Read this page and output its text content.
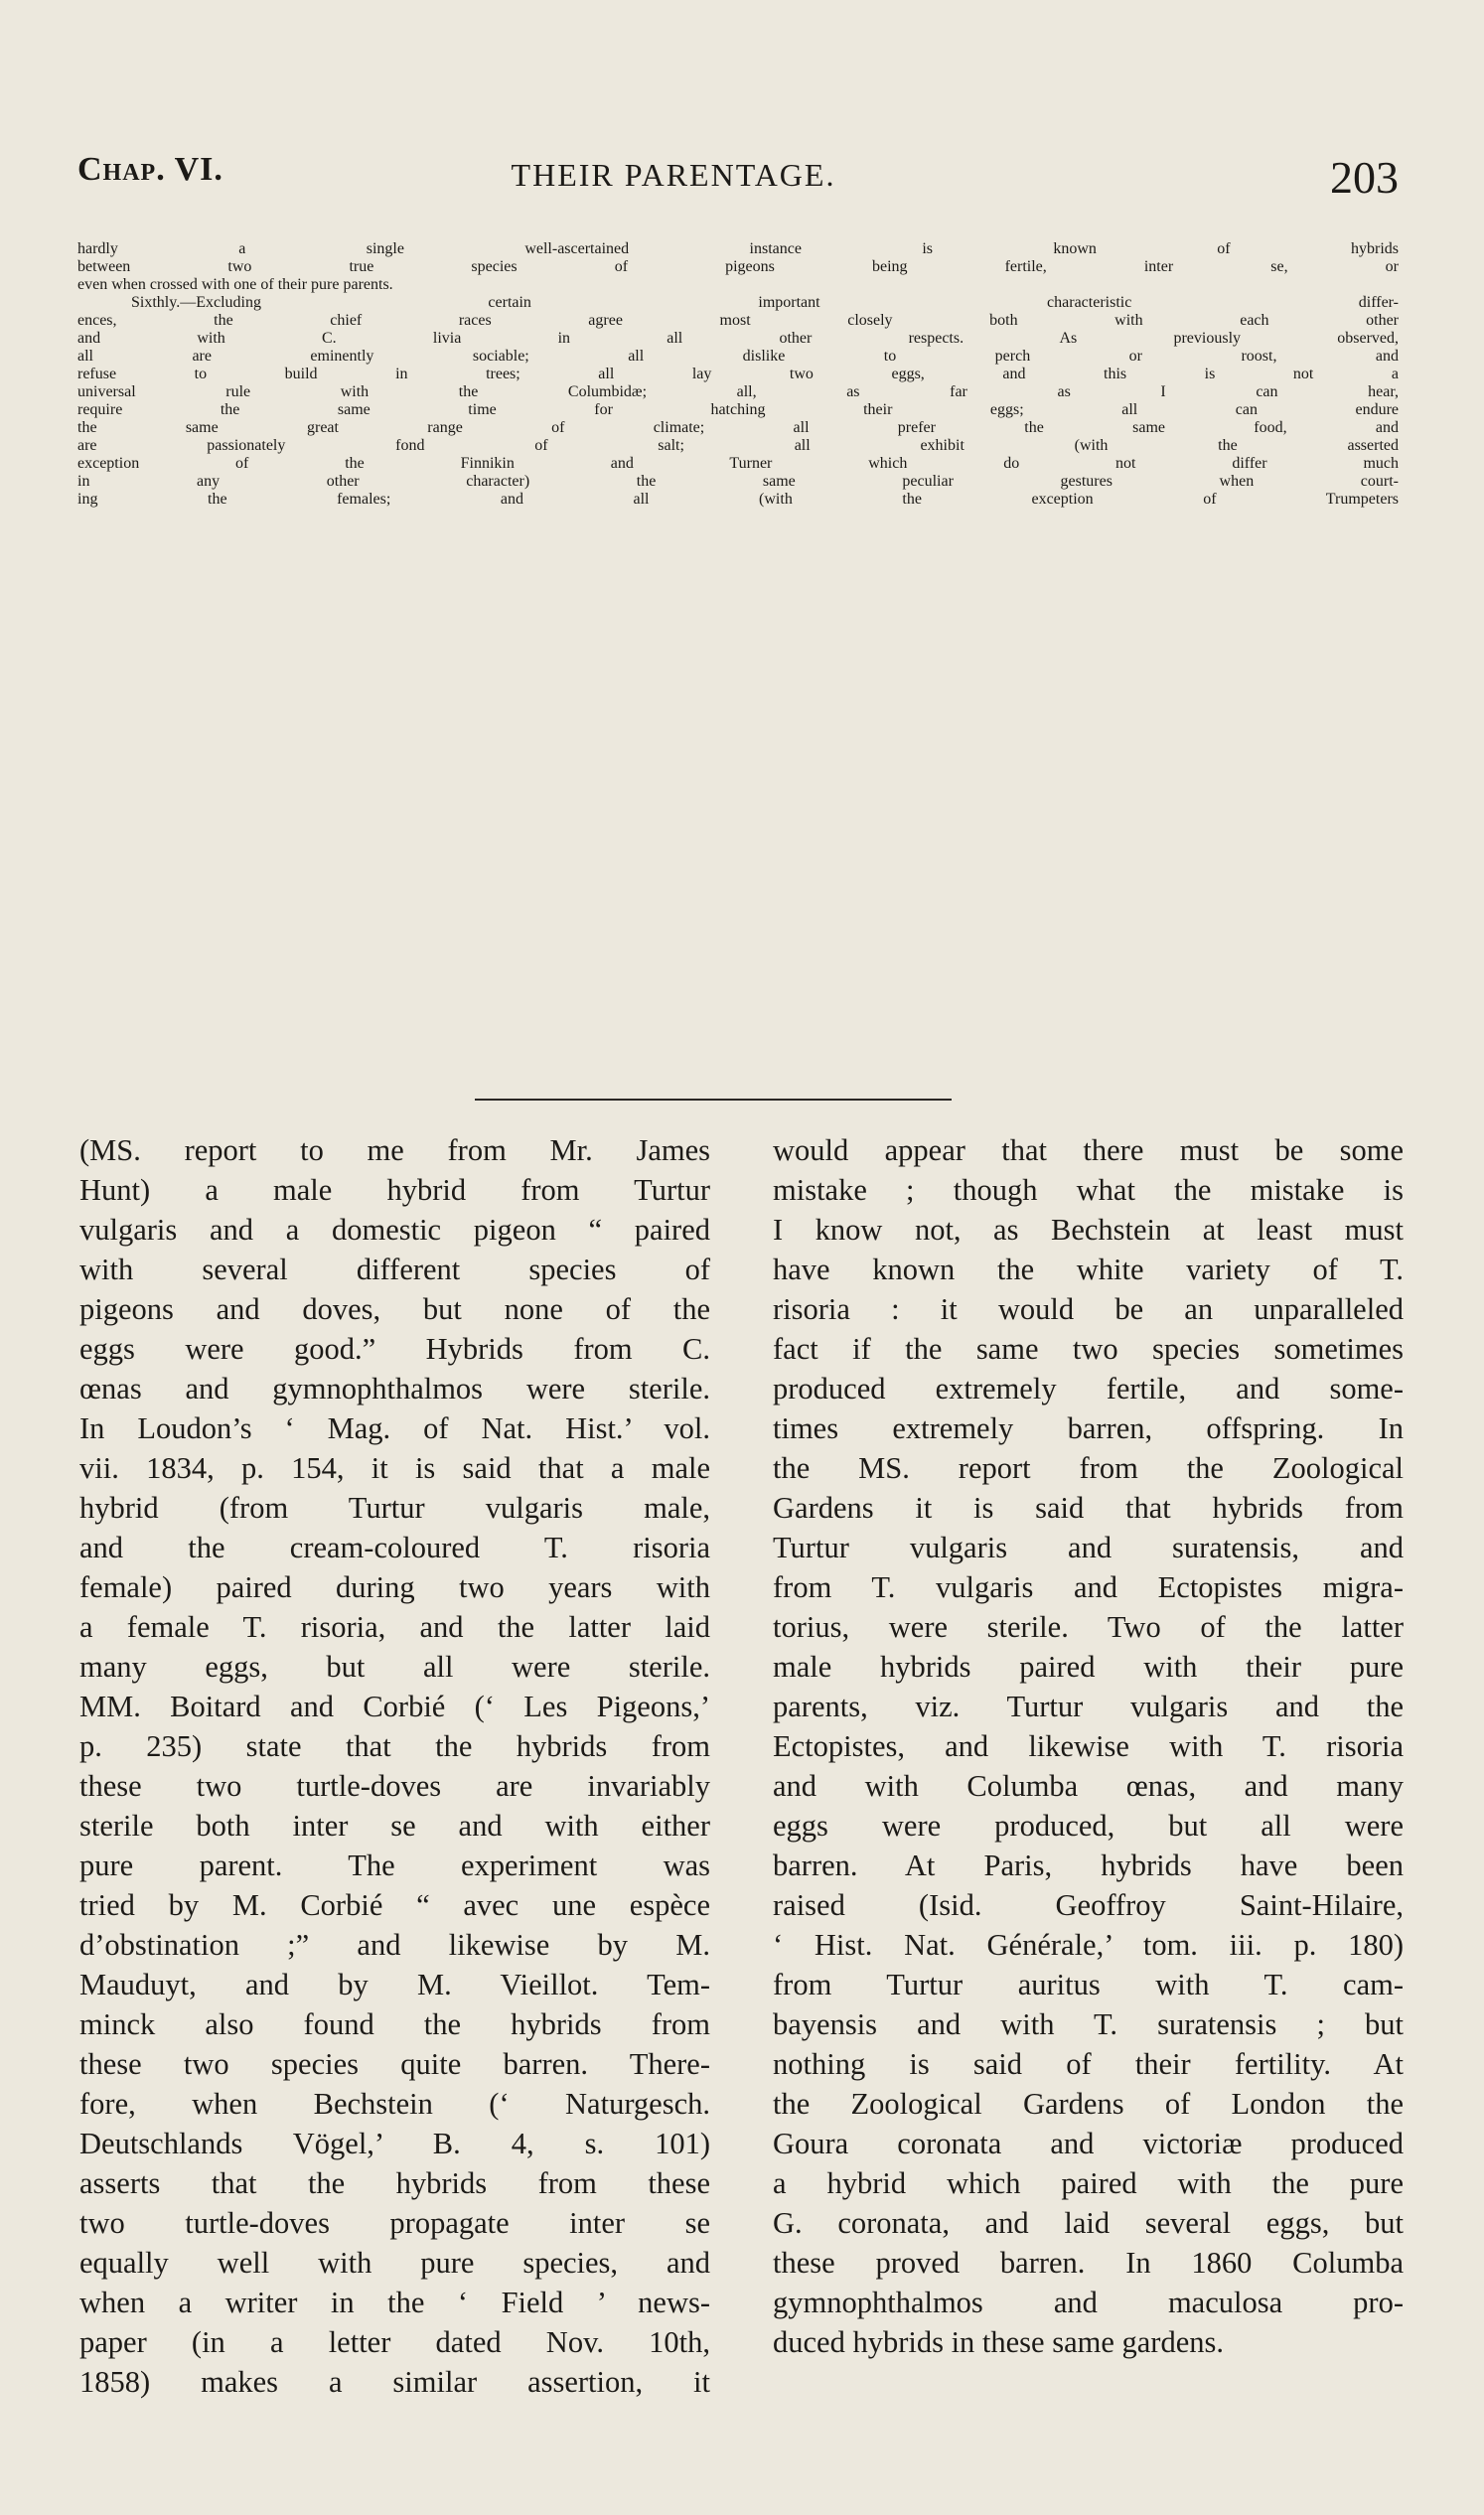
Chap. VI.	THEIR PARENTAGE.	203
hardly a single well-ascertained instance is known of hybrids
between two true species of pigeons being fertile, inter se, or
even when crossed with one of their pure parents.
Sixthly.—Excluding certain important characteristic differ-
ences, the chief races agree most closely both with each other
and with C. livia in all other respects. As previously observed,
all are eminently sociable; all dislike to perch or roost, and
refuse to build in trees; all lay two eggs, and this is not a
universal rule with the Columbidæ; all, as far as I can hear,
require the same time for hatching their eggs; all can endure
the same great range of climate; all prefer the same food, and
are passionately fond of salt; all exhibit (with the asserted
exception of the Finnikin and Turner which do not differ much
in any other character) the same peculiar gestures when court-
ing the females; and all (with the exception of Trumpeters
(MS. report to me from Mr. James
Hunt) a male hybrid from Turtur
vulgaris and a domestic pigeon “ paired
with several different species of
pigeons and doves, but none of the
eggs were good.” Hybrids from C.
œnas and gymnophthalmos were sterile.
In Loudon’s ‘ Mag. of Nat. Hist.’ vol.
vii. 1834, p. 154, it is said that a male
hybrid (from Turtur vulgaris male,
and the cream-coloured T. risoria
female) paired during two years with
a female T. risoria, and the latter laid
many eggs, but all were sterile.
MM. Boitard and Corbié (‘ Les Pigeons,’
p. 235) state that the hybrids from
these two turtle-doves are invariably
sterile both inter se and with either
pure parent. The experiment was
tried by M. Corbié “ avec une espèce
d’obstination ;” and likewise by M.
Mauduyt, and by M. Vieillot. Tem-
minck also found the hybrids from
these two species quite barren. There-
fore, when Bechstein (‘ Naturgesch.
Deutschlands Vögel,’ B. 4, s. 101)
asserts that the hybrids from these
two turtle-doves propagate inter se
equally well with pure species, and
when a writer in the ‘ Field ’ news-
paper (in a letter dated Nov. 10th,
1858) makes a similar assertion, it
would appear that there must be some
mistake ; though what the mistake is
I know not, as Bechstein at least must
have known the white variety of T.
risoria : it would be an unparalleled
fact if the same two species sometimes
produced extremely fertile, and some-
times extremely barren, offspring. In
the MS. report from the Zoological
Gardens it is said that hybrids from
Turtur vulgaris and suratensis, and
from T. vulgaris and Ectopistes migra-
torius, were sterile. Two of the latter
male hybrids paired with their pure
parents, viz. Turtur vulgaris and the
Ectopistes, and likewise with T. risoria
and with Columba œnas, and many
eggs were produced, but all were
barren. At Paris, hybrids have been
raised (Isid. Geoffroy Saint-Hilaire,
‘ Hist. Nat. Générale,’ tom. iii. p. 180)
from Turtur auritus with T. cam-
bayensis and with T. suratensis ; but
nothing is said of their fertility. At
the Zoological Gardens of London the
Goura coronata and victoriæ produced
a hybrid which paired with the pure
G. coronata, and laid several eggs, but
these proved barren. In 1860 Columba
gymnophthalmos and maculosa pro-
duced hybrids in these same gardens.
